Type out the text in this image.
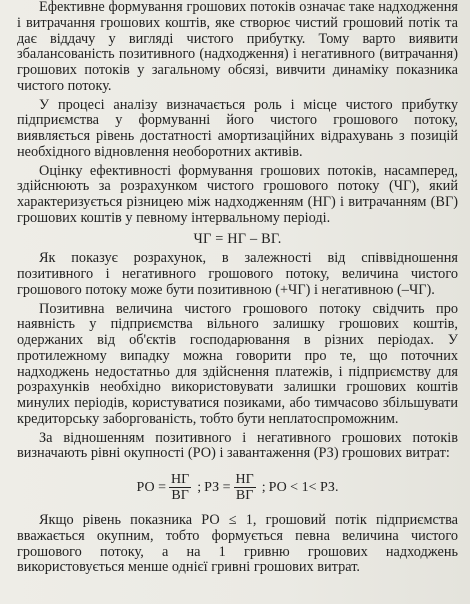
Ефективне формування грошових потоків означає таке надходження і витрачання грошових коштів, яке створює чистий грошовий потік та дає віддачу у вигляді чистого прибутку. Тому варто виявити збалансованість позитивного (надходження) і негативного (витрачання) грошових потоків у загальному обсязі, вивчити динаміку показника чистого потоку.

У процесі аналізу визначається роль і місце чистого прибутку підприємства у формуванні його чистого грошового потоку, виявляється рівень достатності амортизаційних відрахувань з позицій необхідного відновлення необоротних активів.

Оцінку ефективності формування грошових потоків, насамперед, здійснюють за розрахунком чистого грошового потоку (ЧГ), який характеризується різницею між надходженням (НГ) і витрачанням (ВГ) грошових коштів у певному інтервальному періоді.

ЧГ = НГ – ВГ.

Як показує розрахунок, в залежності від співвідношення позитивного і негативного грошового потоку, величина чистого грошового потоку може бути позитивною (+ЧГ) і негативною (–ЧГ).

Позитивна величина чистого грошового потоку свідчить про наявність у підприємства вільного залишку грошових коштів, одержаних від об'єктів господарювання в різних періодах. У протилежному випадку можна говорити про те, що поточних надходжень недостатньо для здійснення платежів, і підприємству для розрахунків необхідно використовувати залишки грошових коштів минулих періодів, користуватися позиками, або тимчасово збільшувати кредиторську заборгованість, тобто бути неплатоспроможним.

За відношенням позитивного і негативного грошових потоків визначають рівні окупності (РО) і завантаження (РЗ) грошових витрат:

РО = $\frac{НГ}{ВГ}$ ; РЗ = $\frac{НГ}{ВГ}$ ; РО < 1< РЗ.

Якщо рівень показника РО ≤ 1, грошовий потік підприємства вважається окупним, тобто формується певна величина чистого грошового потоку, а на 1 гривню грошових надходжень використовується менше однієї гривні грошових витрат.
